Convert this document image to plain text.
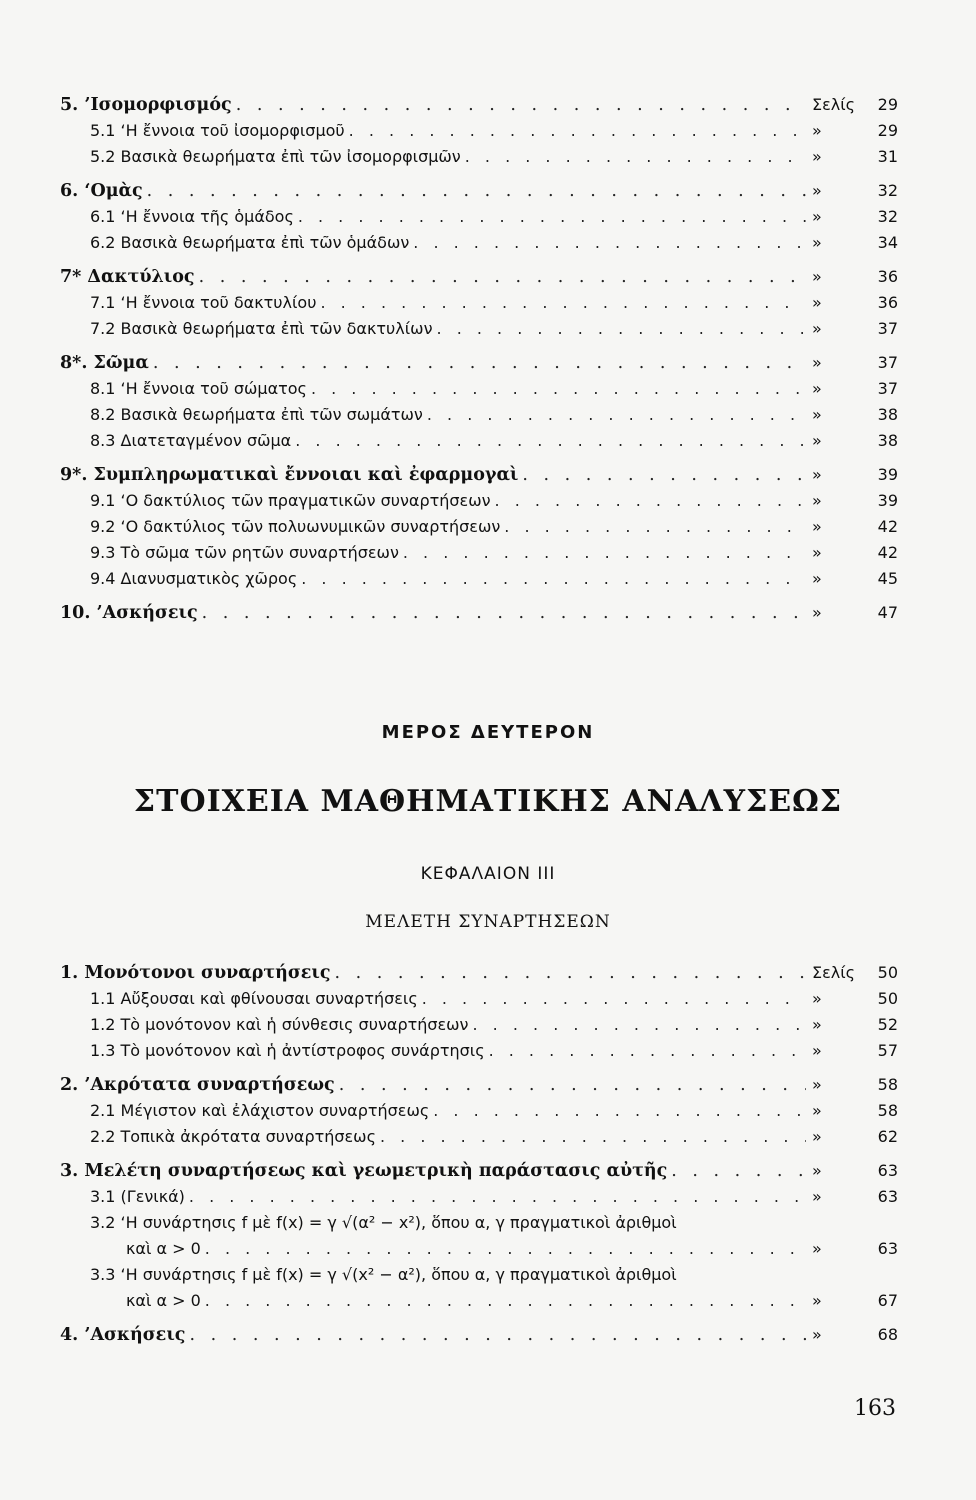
5. ’Ισομορφισμός . . .	Σελίς	29
5.1 ‘Η ἔννοια τοῦ ἰσομορφισμοῦ . . .	»	29
5.2 Βασικὰ θεωρήματα ἐπὶ τῶν ἰσομορφισμῶν . . .	»	31
6. ‘Ομὰς . . .	»	32
6.1 ‘Η ἔννοια τῆς ὁμάδος . . .	»	32
6.2 Βασικὰ θεωρήματα ἐπὶ τῶν ὁμάδων . . .	»	34
7* Δακτύλιος . . .	»	36
7.1 ‘Η ἔννοια τοῦ δακτυλίου . . .	»	36
7.2 Βασικὰ θεωρήματα ἐπὶ τῶν δακτυλίων . . .	»	37
8*. Σῶμα . . .	»	37
8.1 ‘Η ἔννοια τοῦ σώματος . . .	»	37
8.2 Βασικὰ θεωρήματα ἐπὶ τῶν σωμάτων . . .	»	38
8.3 Διατεταγμένον σῶμα . . .	»	38
9*. Συμπληρωματικαὶ ἔννοιαι καὶ ἐφαρμογαὶ . . .	»	39
9.1 ‘Ο δακτύλιος τῶν πραγματικῶν συναρτήσεων . . .	»	39
9.2 ‘Ο δακτύλιος τῶν πολυωνυμικῶν συναρτήσεων . . .	»	42
9.3 Τὸ σῶμα τῶν ρητῶν συναρτήσεων . . .	»	42
9.4 Διανυσματικὸς χῶρος . . .	»	45
10. ’Ασκήσεις . . .	»	47
ΜΕΡΟΣ ΔΕΥΤΕΡΟΝ
ΣΤΟΙΧΕΙΑ ΜΑΘΗΜΑΤΙΚΗΣ ΑΝΑΛΥΣΕΩΣ
ΚΕΦΑΛΑΙΟΝ III
ΜΕΛΕΤΗ ΣΥΝΑΡΤΗΣΕΩΝ
1. Μονότονοι συναρτήσεις . . .	Σελίς	50
1.1 Αὔξουσαι καὶ φθίνουσαι συναρτήσεις . . .	»	50
1.2 Τὸ μονότονον καὶ ἡ σύνθεσις συναρτήσεων . . .	»	52
1.3 Τὸ μονότονον καὶ ἡ ἀντίστροφος συνάρτησις . . .	»	57
2. ’Ακρότατα συναρτήσεως . . .	»	58
2.1 Μέγιστον καὶ ἐλάχιστον συναρτήσεως . . .	»	58
2.2 Τοπικὰ ἀκρότατα συναρτήσεως . . .	»	62
3. Μελέτη συναρτήσεως καὶ γεωμετρικὴ παράστασις αὐτῆς . . .	»	63
3.1 (Γενικά) . . .	»	63
3.2 ‘Η συνάρτησις f μὲ f(x) = γ √(α² − x²), ὅπου α, γ πραγματικοὶ ἀριθμοὶ
καὶ α > 0 . . .	»	63
3.3 ‘Η συνάρτησις f μὲ f(x) = γ √(x² − α²), ὅπου α, γ πραγματικοὶ ἀριθμοὶ
καὶ α > 0 . . .	»	67
4. ’Ασκήσεις . . .	»	68
163
